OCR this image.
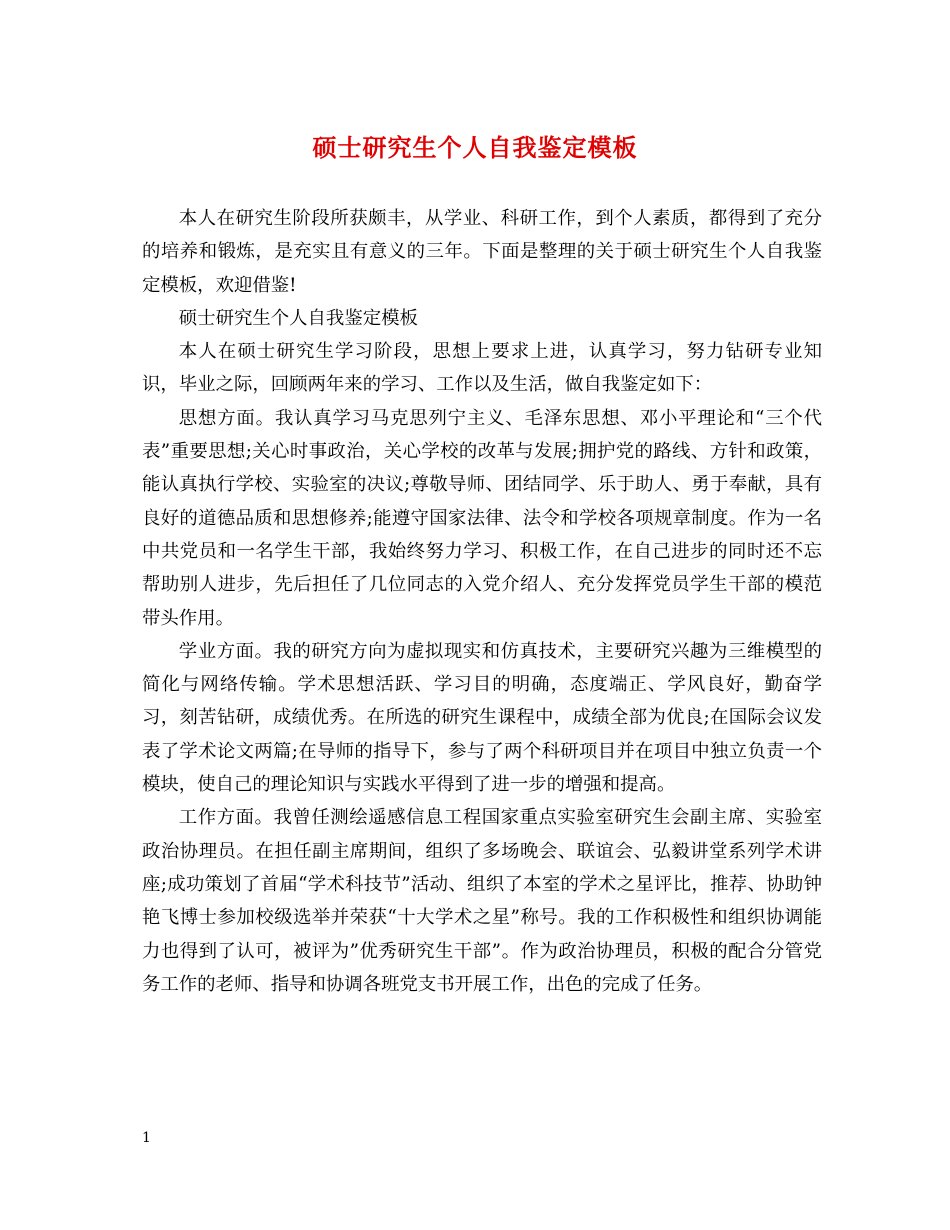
硕士研究生个人自我鉴定模板

本人在研究生阶段所获颇丰，从学业、科研工作，到个人素质，都得到了充分的培养和锻炼，是充实且有意义的三年。下面是整理的关于硕士研究生个人自我鉴定模板，欢迎借鉴!

硕士研究生个人自我鉴定模板

本人在硕士研究生学习阶段，思想上要求上进，认真学习，努力钻研专业知识，毕业之际，回顾两年来的学习、工作以及生活，做自我鉴定如下：

思想方面。我认真学习马克思列宁主义、毛泽东思想、邓小平理论和“三个代表”重要思想;关心时事政治，关心学校的改革与发展;拥护党的路线、方针和政策，能认真执行学校、实验室的决议;尊敬导师、团结同学、乐于助人、勇于奉献，具有良好的道德品质和思想修养;能遵守国家法律、法令和学校各项规章制度。作为一名中共党员和一名学生干部，我始终努力学习、积极工作，在自己进步的同时还不忘帮助别人进步，先后担任了几位同志的入党介绍人、充分发挥党员学生干部的模范带头作用。

学业方面。我的研究方向为虚拟现实和仿真技术，主要研究兴趣为三维模型的简化与网络传输。学术思想活跃、学习目的明确，态度端正、学风良好，勤奋学习，刻苦钻研，成绩优秀。在所选的研究生课程中，成绩全部为优良;在国际会议发表了学术论文两篇;在导师的指导下，参与了两个科研项目并在项目中独立负责一个模块，使自己的理论知识与实践水平得到了进一步的增强和提高。

工作方面。我曾任测绘遥感信息工程国家重点实验室研究生会副主席、实验室政治协理员。在担任副主席期间，组织了多场晚会、联谊会、弘毅讲堂系列学术讲座;成功策划了首届“学术科技节”活动、组织了本室的学术之星评比，推荐、协助钟艳飞博士参加校级选举并荣获“十大学术之星”称号。我的工作积极性和组织协调能力也得到了认可，被评为”优秀研究生干部”。作为政治协理员，积极的配合分管党务工作的老师、指导和协调各班党支书开展工作，出色的完成了任务。

1
